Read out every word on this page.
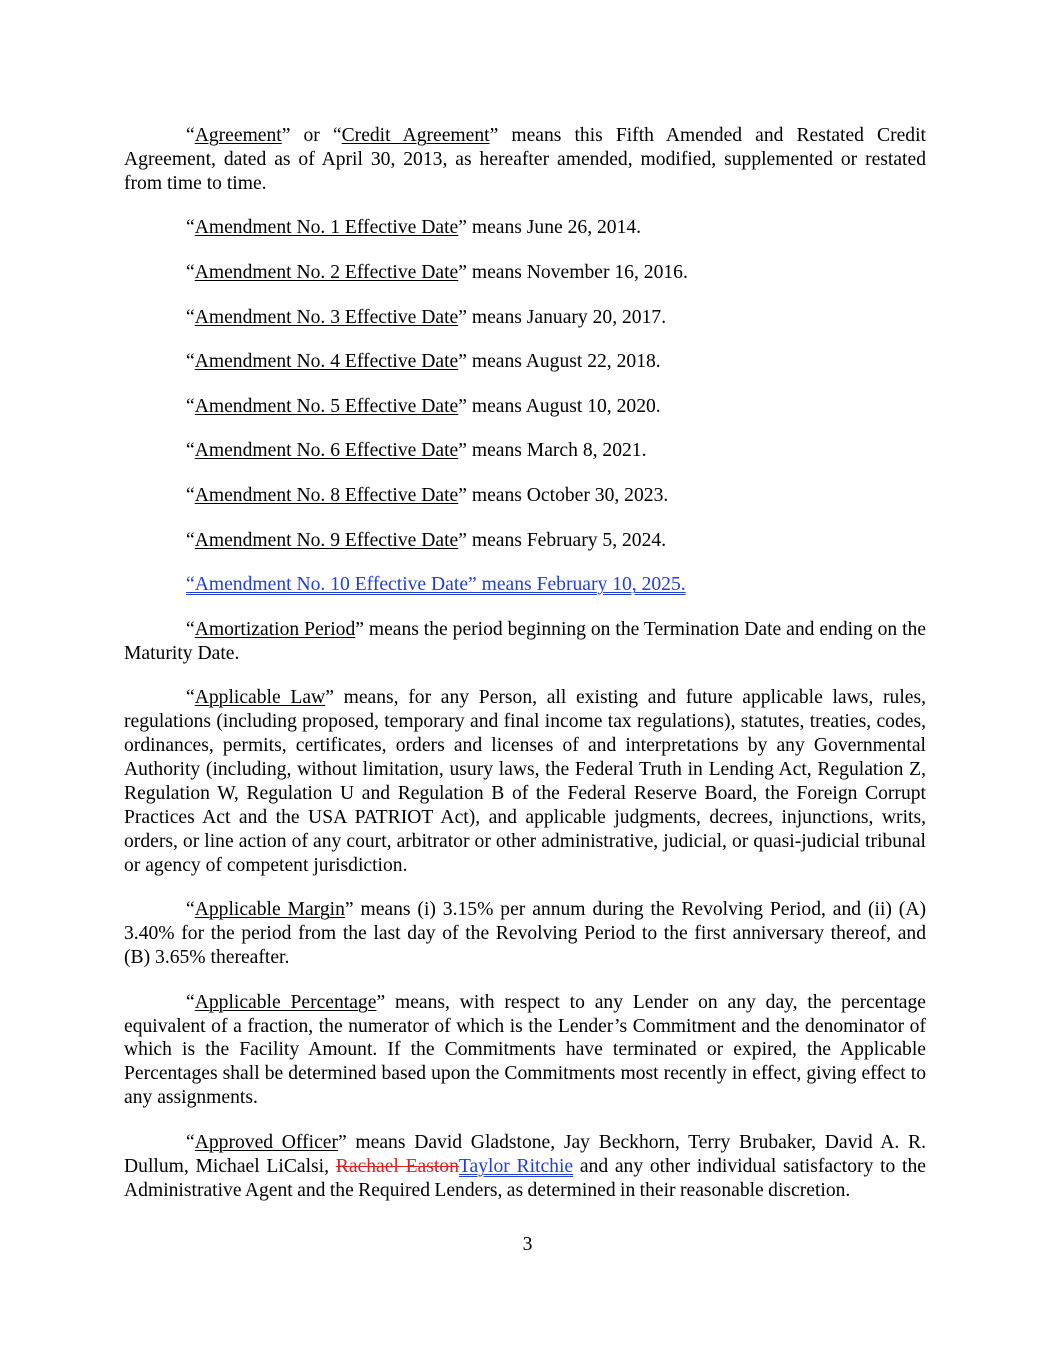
“Agreement” or “Credit Agreement” means this Fifth Amended and Restated Credit Agreement, dated as of April 30, 2013, as hereafter amended, modified, supplemented or restated from time to time.

“Amendment No. 1 Effective Date” means June 26, 2014.

“Amendment No. 2 Effective Date” means November 16, 2016.

“Amendment No. 3 Effective Date” means January 20, 2017.

“Amendment No. 4 Effective Date” means August 22, 2018.

“Amendment No. 5 Effective Date” means August 10, 2020.

“Amendment No. 6 Effective Date” means March 8, 2021.

“Amendment No. 8 Effective Date” means October 30, 2023.

“Amendment No. 9 Effective Date” means February 5, 2024.

“Amendment No. 10 Effective Date” means February 10, 2025.

“Amortization Period” means the period beginning on the Termination Date and ending on the Maturity Date.

“Applicable Law” means, for any Person, all existing and future applicable laws, rules, regulations (including proposed, temporary and final income tax regulations), statutes, treaties, codes, ordinances, permits, certificates, orders and licenses of and interpretations by any Governmental Authority (including, without limitation, usury laws, the Federal Truth in Lending Act, Regulation Z, Regulation W, Regulation U and Regulation B of the Federal Reserve Board, the Foreign Corrupt Practices Act and the USA PATRIOT Act), and applicable judgments, decrees, injunctions, writs, orders, or line action of any court, arbitrator or other administrative, judicial, or quasi-judicial tribunal or agency of competent jurisdiction.

“Applicable Margin” means (i) 3.15% per annum during the Revolving Period, and (ii) (A) 3.40% for the period from the last day of the Revolving Period to the first anniversary thereof, and (B) 3.65% thereafter.

“Applicable Percentage” means, with respect to any Lender on any day, the percentage equivalent of a fraction, the numerator of which is the Lender’s Commitment and the denominator of which is the Facility Amount. If the Commitments have terminated or expired, the Applicable Percentages shall be determined based upon the Commitments most recently in effect, giving effect to any assignments.

“Approved Officer” means David Gladstone, Jay Beckhorn, Terry Brubaker, David A. R. Dullum, Michael LiCalsi, Rachael EastonTaylor Ritchie and any other individual satisfactory to the Administrative Agent and the Required Lenders, as determined in their reasonable discretion.

3
